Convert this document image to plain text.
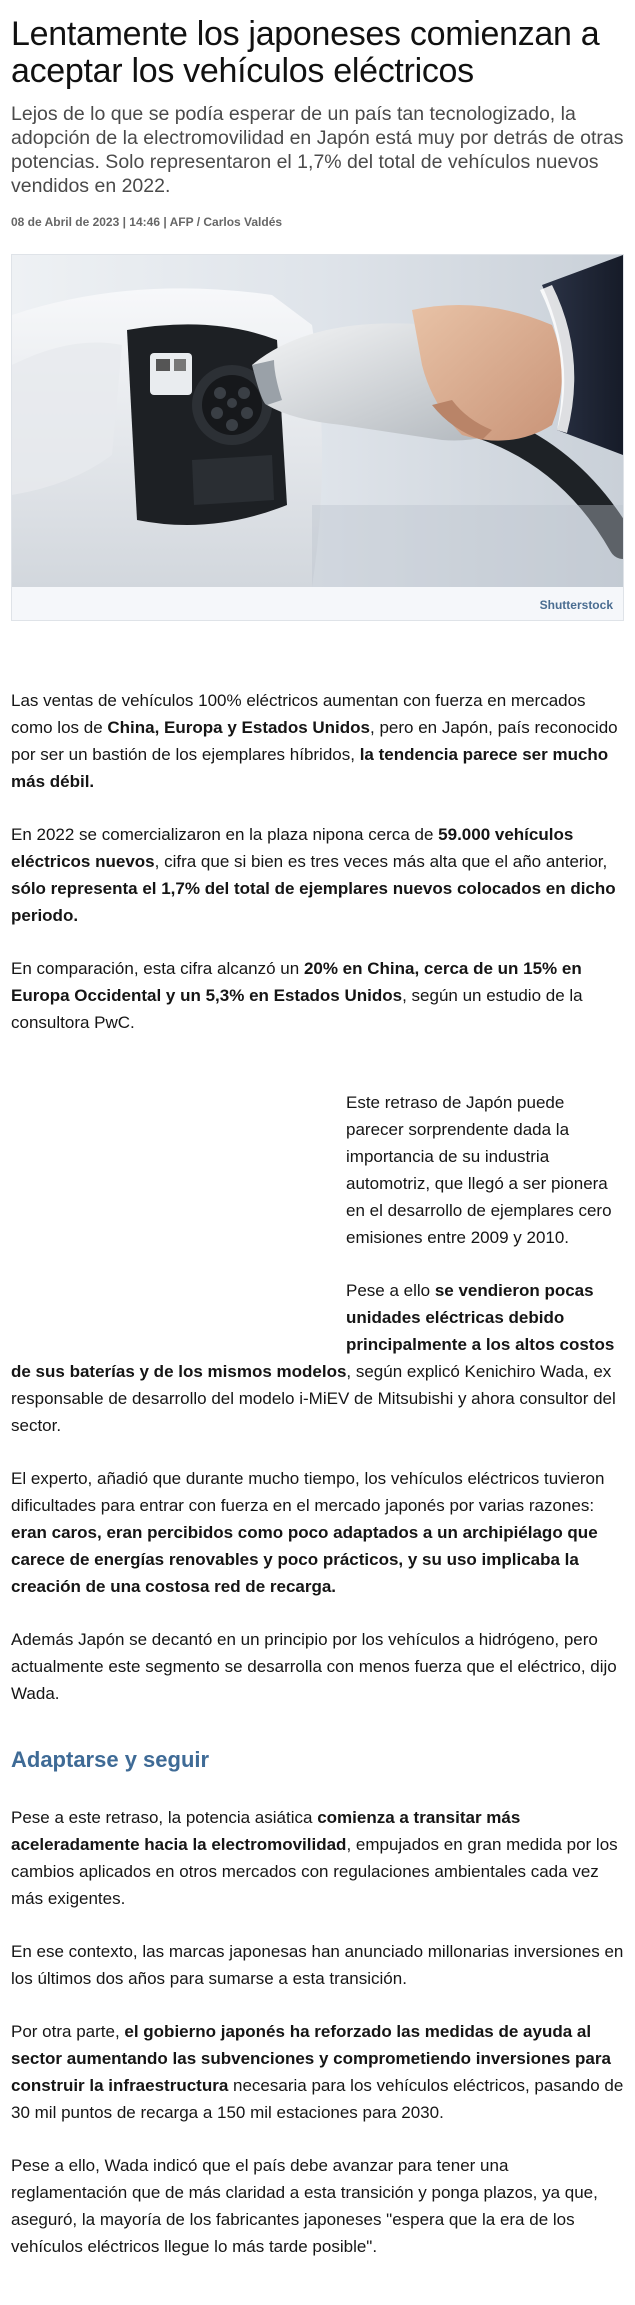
Lentamente los japoneses comienzan a aceptar los vehículos eléctricos

Lejos de lo que se podía esperar de un país tan tecnologizado, la adopción de la electromovilidad en Japón está muy por detrás de otras potencias. Solo representaron el 1,7% del total de vehículos nuevos vendidos en 2022.

08 de Abril de 2023 | 14:46 | AFP / Carlos Valdés
Shutterstock

Las ventas de vehículos 100% eléctricos aumentan con fuerza en mercados como los de China, Europa y Estados Unidos, pero en Japón, país reconocido por ser un bastión de los ejemplares híbridos, la tendencia parece ser mucho más débil.

En 2022 se comercializaron en la plaza nipona cerca de 59.000 vehículos eléctricos nuevos, cifra que si bien es tres veces más alta que el año anterior, sólo representa el 1,7% del total de ejemplares nuevos colocados en dicho periodo.

En comparación, esta cifra alcanzó un 20% en China, cerca de un 15% en Europa Occidental y un 5,3% en Estados Unidos, según un estudio de la consultora PwC.

Este retraso de Japón puede parecer sorprendente dada la importancia de su industria automotriz, que llegó a ser pionera en el desarrollo de ejemplares cero emisiones entre 2009 y 2010.

Pese a ello se vendieron pocas unidades eléctricas debido principalmente a los altos costos de sus baterías y de los mismos modelos, según explicó Kenichiro Wada, ex responsable de desarrollo del modelo i-MiEV de Mitsubishi y ahora consultor del sector.

El experto, añadió que durante mucho tiempo, los vehículos eléctricos tuvieron dificultades para entrar con fuerza en el mercado japonés por varias razones: eran caros, eran percibidos como poco adaptados a un archipiélago que carece de energías renovables y poco prácticos, y su uso implicaba la creación de una costosa red de recarga.

Además Japón se decantó en un principio por los vehículos a hidrógeno, pero actualmente este segmento se desarrolla con menos fuerza que el eléctrico, dijo Wada.

Adaptarse y seguir

Pese a este retraso, la potencia asiática comienza a transitar más aceleradamente hacia la electromovilidad, empujados en gran medida por los cambios aplicados en otros mercados con regulaciones ambientales cada vez más exigentes.

En ese contexto, las marcas japonesas han anunciado millonarias inversiones en los últimos dos años para sumarse a esta transición.

Por otra parte, el gobierno japonés ha reforzado las medidas de ayuda al sector aumentando las subvenciones y comprometiendo inversiones para construir la infraestructura necesaria para los vehículos eléctricos, pasando de 30 mil puntos de recarga a 150 mil estaciones para 2030.

Pese a ello, Wada indicó que el país debe avanzar para tener una reglamentación que de más claridad a esta transición y ponga plazos, ya que, aseguró, la mayoría de los fabricantes japoneses "espera que la era de los vehículos eléctricos llegue lo más tarde posible".
